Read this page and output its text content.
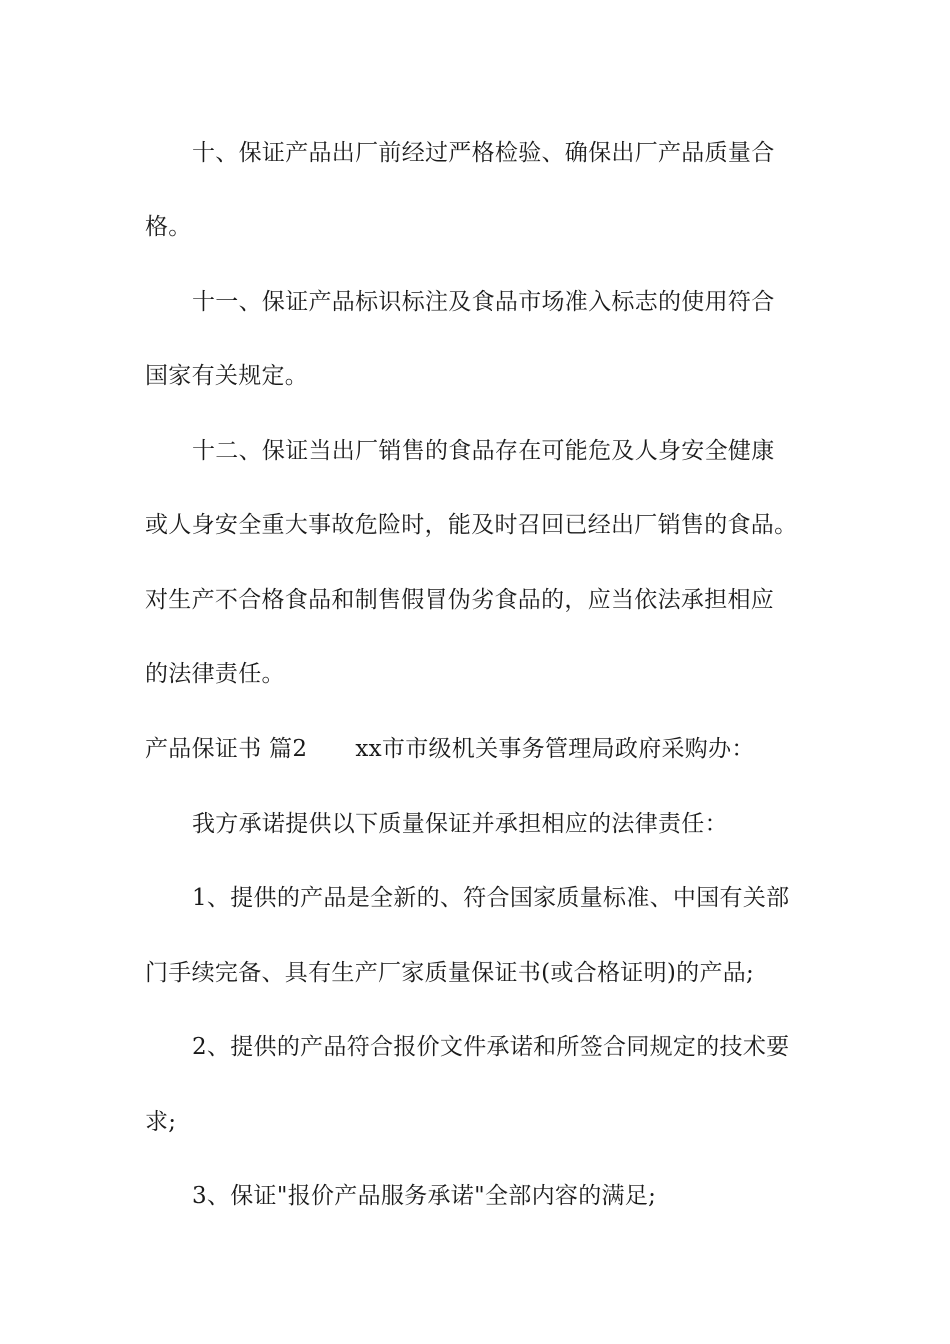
十、保证产品出厂前经过严格检验、确保出厂产品质量合

格。

十一、保证产品标识标注及食品市场准入标志的使用符合

国家有关规定。

十二、保证当出厂销售的食品存在可能危及人身安全健康

或人身安全重大事故危险时，能及时召回已经出厂销售的食品。

对生产不合格食品和制售假冒伪劣食品的，应当依法承担相应

的法律责任。

产品保证书 篇2 xx市市级机关事务管理局政府采购办：

我方承诺提供以下质量保证并承担相应的法律责任：

1、提供的产品是全新的、符合国家质量标准、中国有关部

门手续完备、具有生产厂家质量保证书(或合格证明)的产品;

2、提供的产品符合报价文件承诺和所签合同规定的技术要

求;

3、保证"报价产品服务承诺"全部内容的满足;
